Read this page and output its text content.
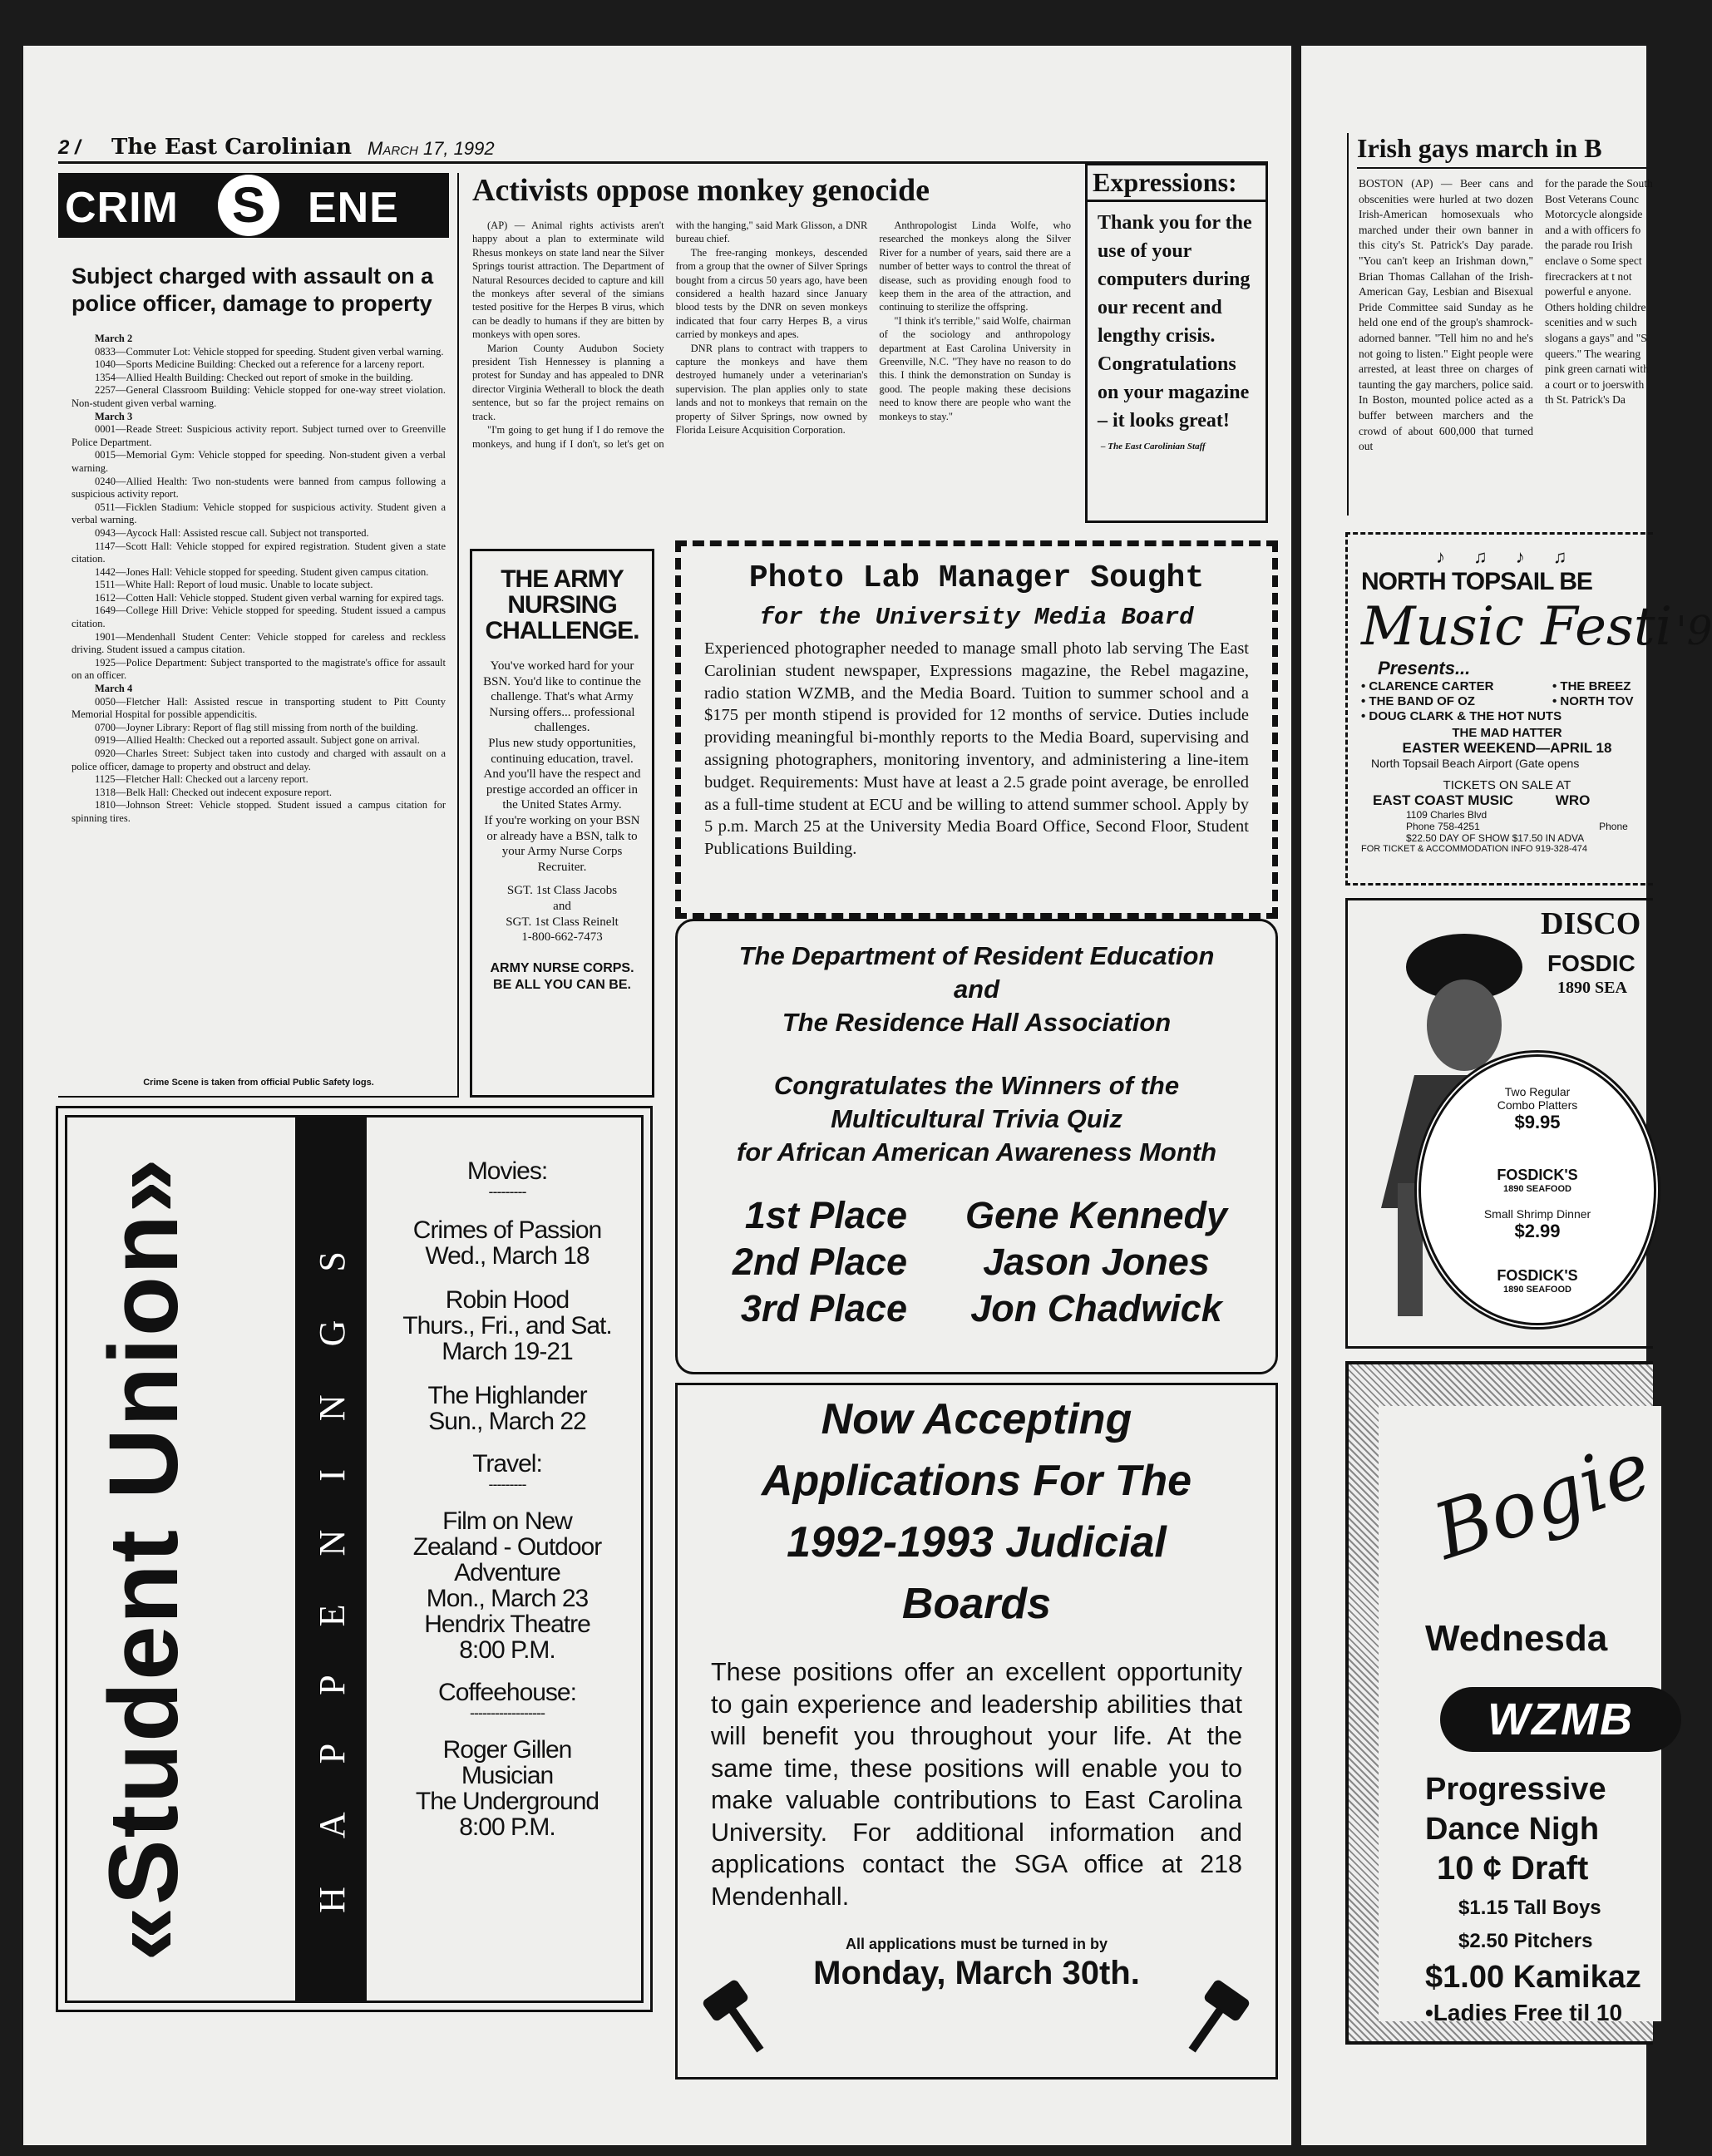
2 / The East Carolinian March 17, 1992
CRIM S ENE
Subject charged with assault on a police officer, damage to property
March 2
0833—Commuter Lot: Vehicle stopped for speeding. Student given verbal warning.
1040—Sports Medicine Building: Checked out a reference for a larceny report.
1354—Allied Health Building: Checked out report of smoke in the building.
2257—General Classroom Building: Vehicle stopped for one-way street violation. Non-student given verbal warning.
March 3
0001—Reade Street: Suspicious activity report. Subject turned over to Greenville Police Department.
0015—Memorial Gym: Vehicle stopped for speeding. Non-student given a verbal warning.
0240—Allied Health: Two non-students were banned from campus following a suspicious activity report.
0511—Ficklen Stadium: Vehicle stopped for suspicious activity. Student given a verbal warning.
0943—Aycock Hall: Assisted rescue call. Subject not transported.
1147—Scott Hall: Vehicle stopped for expired registration. Student given a state citation.
1442—Jones Hall: Vehicle stopped for speeding. Student given campus citation.
1511—White Hall: Report of loud music. Unable to locate subject.
1612—Cotten Hall: Vehicle stopped. Student given verbal warning for expired tags.
1649—College Hill Drive: Vehicle stopped for speeding. Student issued a campus citation.
1901—Mendenhall Student Center: Vehicle stopped for careless and reckless driving. Student issued a campus citation.
1925—Police Department: Subject transported to the magistrate's office for assault on an officer.
March 4
0050—Fletcher Hall: Assisted rescue in transporting student to Pitt County Memorial Hospital for possible appendicitis.
0700—Joyner Library: Report of flag still missing from north of the building.
0919—Allied Health: Checked out a reported assault. Subject gone on arrival.
0920—Charles Street: Subject taken into custody and charged with assault on a police officer, damage to property and obstruct and delay.
1125—Fletcher Hall: Checked out a larceny report.
1318—Belk Hall: Checked out indecent exposure report.
1810—Johnson Street: Vehicle stopped. Student issued a campus citation for spinning tires.
Crime Scene is taken from official Public Safety logs.
Activists oppose monkey genocide

(AP) — Animal rights activists aren't happy about a plan to exterminate wild Rhesus monkeys on state land near the Silver Springs tourist attraction. The Department of Natural Resources decided to capture and kill the monkeys after several of the simians tested positive for the Herpes B virus, which can be deadly to humans if they are bitten by monkeys with open sores.

Marion County Audubon Society president Tish Hennessey is planning a protest for Sunday and has appealed to DNR director Virginia Wetherall to block the death sentence, but so far the project remains on track.

"I'm going to get hung if I do remove the monkeys, and hung if I don't, so let's get on with the hanging," said Mark Glisson, a DNR bureau chief.

The free-ranging monkeys, descended from a group that the owner of Silver Springs bought from a circus 50 years ago, have been considered a health hazard since January blood tests by the DNR on seven monkeys indicated that four carry Herpes B, a virus carried by monkeys and apes.

DNR plans to contract with trappers to capture the monkeys and have them destroyed humanely under a veterinarian's supervision. The plan applies only to state lands and not to monkeys that remain on the property of Silver Springs, now owned by Florida Leisure Acquisition Corporation.

Anthropologist Linda Wolfe, who researched the monkeys along the Silver River for a number of years, said there are a number of better ways to control the threat of disease, such as providing enough food to keep them in the area of the attraction, and continuing to sterilize the offspring.

"I think it's terrible," said Wolfe, chairman of the sociology and anthropology department at East Carolina University in Greenville, N.C. "They have no reason to do this. I think the demonstration on Sunday is good. The people making these decisions need to know there are people who want the monkeys to stay."

Expressions:
Thank you for the use of your computers during our recent and lengthy crisis. Congratulations on your magazine – it looks great!
– The East Carolinian Staff
THE ARMY NURSING CHALLENGE.

You've worked hard for your BSN. You'd like to continue the challenge. That's what Army Nursing offers... professional challenges.

Plus new study opportunities, continuing education, travel. And you'll have the respect and prestige accorded an officer in the United States Army.

If you're working on your BSN or already have a BSN, talk to your Army Nurse Corps Recruiter.

SGT. 1st Class Jacobs
and
SGT. 1st Class Reinelt
1-800-662-7473
ARMY NURSE CORPS.
BE ALL YOU CAN BE.
Photo Lab Manager Sought
for the University Media Board
Experienced photographer needed to manage small photo lab serving The East Carolinian student newspaper, Expressions magazine, the Rebel magazine, radio station WZMB, and the Media Board. Tuition to summer school and a $175 per month stipend is provided for 12 months of service. Duties include providing meaningful bi-monthly reports to the Media Board, supervising and assigning photographers, monitoring inventory, and administering a line-item budget. Requirements: Must have at least a 2.5 grade point average, be enrolled as a full-time student at ECU and be willing to attend summer school. Apply by 5 p.m. March 25 at the University Media Board Office, Second Floor, Student Publications Building.
The Department of Resident Education
and
The Residence Hall Association
Congratulates the Winners of the
Multicultural Trivia Quiz
for African American Awareness Month
1st Place	Gene Kennedy
2nd Place	Jason Jones
3rd Place	Jon Chadwick
«Student Union»	HAPPENINGS
Movies:
---------
Crimes of Passion
Wed., March 18
Robin Hood
Thurs., Fri., and Sat.
March 19-21
The Highlander
Sun., March 22
Travel:
---------
Film on New
Zealand - Outdoor
Adventure
Mon., March 23
Hendrix Theatre
8:00 P.M.
Coffeehouse:
------------------
Roger Gillen
Musician
The Underground
8:00 P.M.
Now Accepting Applications For The 1992-1993 Judicial Boards
These positions offer an excellent opportunity to gain experience and leadership abilities that will benefit you throughout your life. At the same time, these positions will enable you to make valuable contributions to East Carolina University. For additional information and applications contact the SGA office at 218 Mendenhall.
All applications must be turned in by
Monday, March 30th.
Irish gays march in B
BOSTON (AP) — Beer cans and obscenities were hurled at two dozen Irish-American homosexuals who marched under their own banner in this city's St. Patrick's Day parade. "You can't keep an Irishman down," Brian Thomas Callahan of the Irish-American Gay, Lesbian and Bisexual Pride Committee said Sunday as he held one end of the group's shamrock-adorned banner. "Tell him no and he's not going to listen." Eight people were arrested, at least three on charges of taunting the gay marchers, police said. In Boston, mounted police acted as a buffer between marchers and the crowd of about 600,000 that turned out
for the parade the South Bost Veterans Counc Motorcycle alongside and a with officers fo the parade rou Irish enclave o Some spect firecrackers at t not powerful e anyone. Others holding childre scenities and w such slogans a gays" and "S queers." The wearing pink green carnati with a court or to joerswith th St. Patrick's Da
♪ ♫ ♪ ♫
NORTH TOPSAIL BE
Music Festi '9
Presents...
• CLARENCE CARTER
• THE BAND OF OZ
• DOUG CLARK & THE HOT NUTS
• THE BREEZ
• NORTH TOV
THE MAD HATTER
EASTER WEEKEND—APRIL 18
North Topsail Beach Airport (Gate opens
TICKETS ON SALE AT
EAST COAST MUSIC	WRO
1109 Charles Blvd
Phone 758-4251	Phone
$22.50 DAY OF SHOW $17.50 IN ADVA
FOR TICKET & ACCOMMODATION INFO 919-328-474
DISCO
FOSDIC
1890 SEA
Two Regular
Combo Platters
$9.95
FOSDICK'S
1890 SEAFOOD
Small Shrimp Dinner
$2.99
FOSDICK'S
1890 SEAFOOD
Bogie
Wednesda
WZMB
Progressive
Dance Nigh
10 ¢ Draft
$1.15 Tall Boys
$2.50 Pitchers
$1.00 Kamikaz
•Ladies Free til 10
